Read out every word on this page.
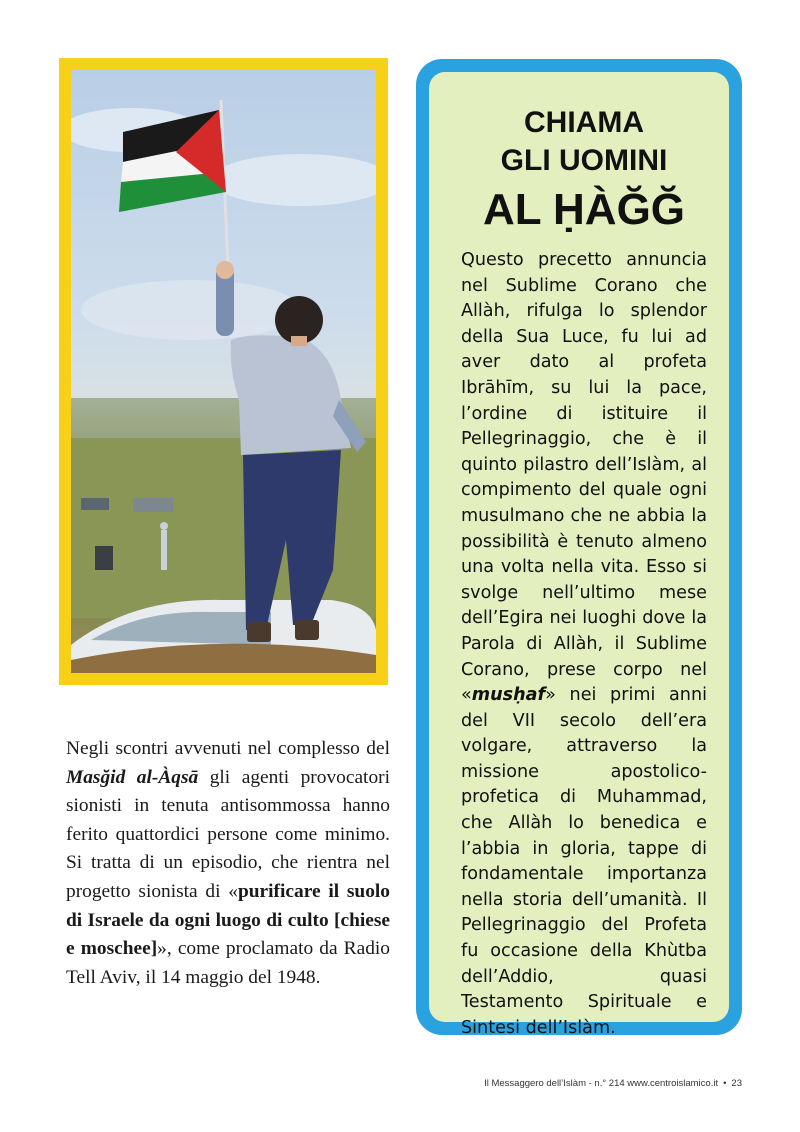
CHIAMA
GLI UOMINI
AL ḤÀĞĞ

Questo precetto annuncia nel Sublime Corano che Allàh, rifulga lo splendor della Sua Luce, fu lui ad aver dato al profeta Ibrāhīm, su lui la pace, l’ordine di istituire il Pellegrinaggio, che è il quinto pilastro dell’Islàm, al compimento del quale ogni musulmano che ne abbia la possibilità è tenuto almeno una volta nella vita. Esso si svolge nell’ultimo mese dell’Egira nei luoghi dove la Parola di Allàh, il Sublime Corano, prese corpo nel «musḥaf» nei primi anni del VII secolo dell’era volgare, attraverso la missione apostolico-profetica di Muhammad, che Allàh lo benedica e l’abbia in gloria, tappe di fondamentale importanza nella storia dell’umanità. Il Pellegrinaggio del Profeta fu occasione della Khùtba dell’Addio, quasi Testamento Spirituale e Sintesi dell’Islàm.

Negli scontri avvenuti nel complesso del Masğid al-Àqsā gli agenti provocatori sionisti in tenuta antisommossa hanno ferito quattordici persone come minimo. Si tratta di un episodio, che rientra nel progetto sionista di «purificare il suolo di Israele da ogni luogo di culto [chiese e moschee]», come proclamato da Radio Tell Aviv, il 14 maggio del 1948.

Il Messaggero dell’Islàm - n.° 214 www.centroislamico.it • 23
